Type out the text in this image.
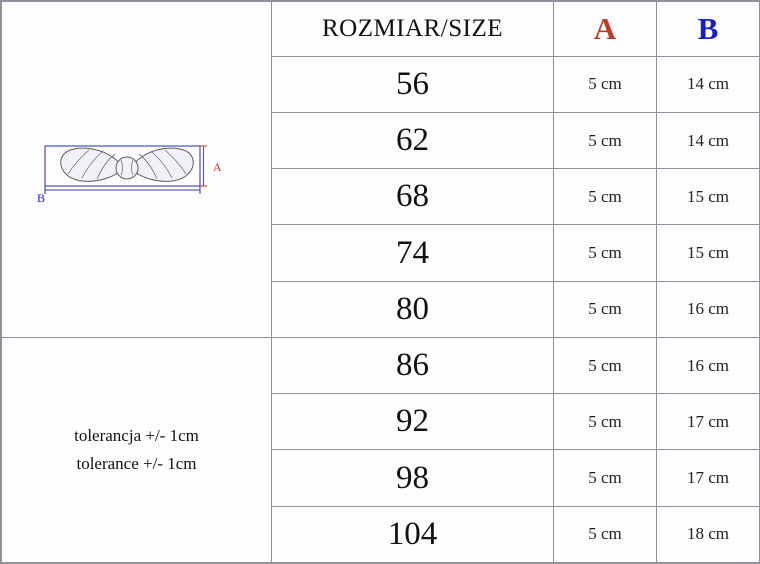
A
B	ROZMIAR/SIZE	A	B
	56	5 cm	14 cm
	62	5 cm	14 cm
	68	5 cm	15 cm
	74	5 cm	15 cm
	80	5 cm	16 cm

tolerancja +/- 1cm
tolerance +/- 1cm	86	5 cm	16 cm
	92	5 cm	17 cm
	98	5 cm	17 cm
	104	5 cm	18 cm
